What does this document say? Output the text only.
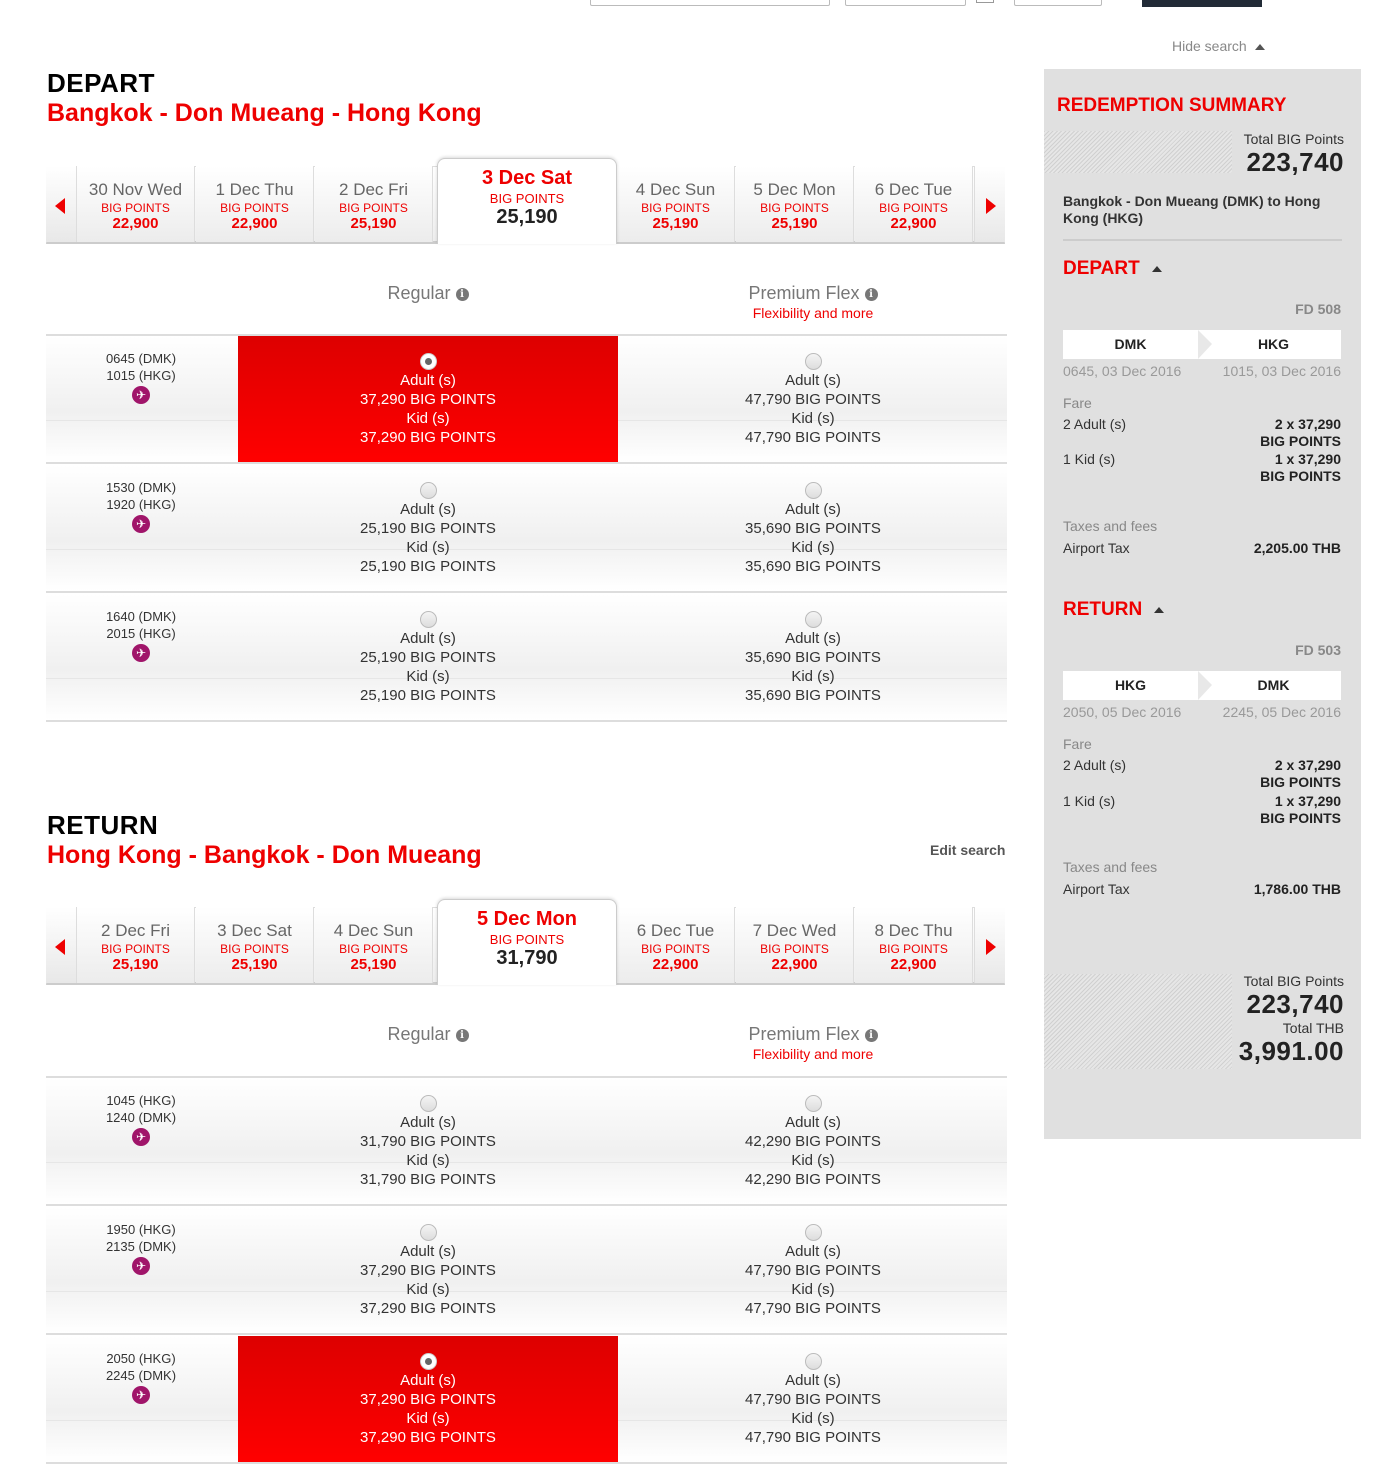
Hide search
DEPART
Bangkok - Don Mueang - Hong Kong
30 Nov Wed
BIG POINTS
22,900
1 Dec Thu
BIG POINTS
22,900
2 Dec Fri
BIG POINTS
25,190
3 Dec Sat
BIG POINTS
25,190
4 Dec Sun
BIG POINTS
25,190
5 Dec Mon
BIG POINTS
25,190
6 Dec Tue
BIG POINTS
22,900
Regular i	Premium Flex i
Flexibility and more
0645 (DMK)
1015 (HKG)
✈
Adult (s)
37,290 BIG POINTS
Kid (s)
37,290 BIG POINTS
Adult (s)
47,790 BIG POINTS
Kid (s)
47,790 BIG POINTS
1530 (DMK)
1920 (HKG)
✈
Adult (s)
25,190 BIG POINTS
Kid (s)
25,190 BIG POINTS
Adult (s)
35,690 BIG POINTS
Kid (s)
35,690 BIG POINTS
1640 (DMK)
2015 (HKG)
✈
Adult (s)
25,190 BIG POINTS
Kid (s)
25,190 BIG POINTS
Adult (s)
35,690 BIG POINTS
Kid (s)
35,690 BIG POINTS
RETURN
Hong Kong - Bangkok - Don Mueang	Edit search
2 Dec Fri
BIG POINTS
25,190
3 Dec Sat
BIG POINTS
25,190
4 Dec Sun
BIG POINTS
25,190
5 Dec Mon
BIG POINTS
31,790
6 Dec Tue
BIG POINTS
22,900
7 Dec Wed
BIG POINTS
22,900
8 Dec Thu
BIG POINTS
22,900
Regular i	Premium Flex i
Flexibility and more
1045 (HKG)
1240 (DMK)
✈
Adult (s)
31,790 BIG POINTS
Kid (s)
31,790 BIG POINTS
Adult (s)
42,290 BIG POINTS
Kid (s)
42,290 BIG POINTS
1950 (HKG)
2135 (DMK)
✈
Adult (s)
37,290 BIG POINTS
Kid (s)
37,290 BIG POINTS
Adult (s)
47,790 BIG POINTS
Kid (s)
47,790 BIG POINTS
2050 (HKG)
2245 (DMK)
✈
Adult (s)
37,290 BIG POINTS
Kid (s)
37,290 BIG POINTS
Adult (s)
47,790 BIG POINTS
Kid (s)
47,790 BIG POINTS
REDEMPTION SUMMARY
Total BIG Points
223,740
Bangkok - Don Mueang (DMK) to Hong Kong (HKG)
DEPART
FD 508
DMK	HKG
0645, 03 Dec 2016	1015, 03 Dec 2016
Fare
2 Adult (s)	2 x 37,290
BIG POINTS
1 Kid (s)	1 x 37,290
BIG POINTS
Taxes and fees
Airport Tax	2,205.00 THB
RETURN
FD 503
HKG	DMK
2050, 05 Dec 2016	2245, 05 Dec 2016
Fare
2 Adult (s)	2 x 37,290
BIG POINTS
1 Kid (s)	1 x 37,290
BIG POINTS
Taxes and fees
Airport Tax	1,786.00 THB
Total BIG Points
223,740
Total THB
3,991.00
